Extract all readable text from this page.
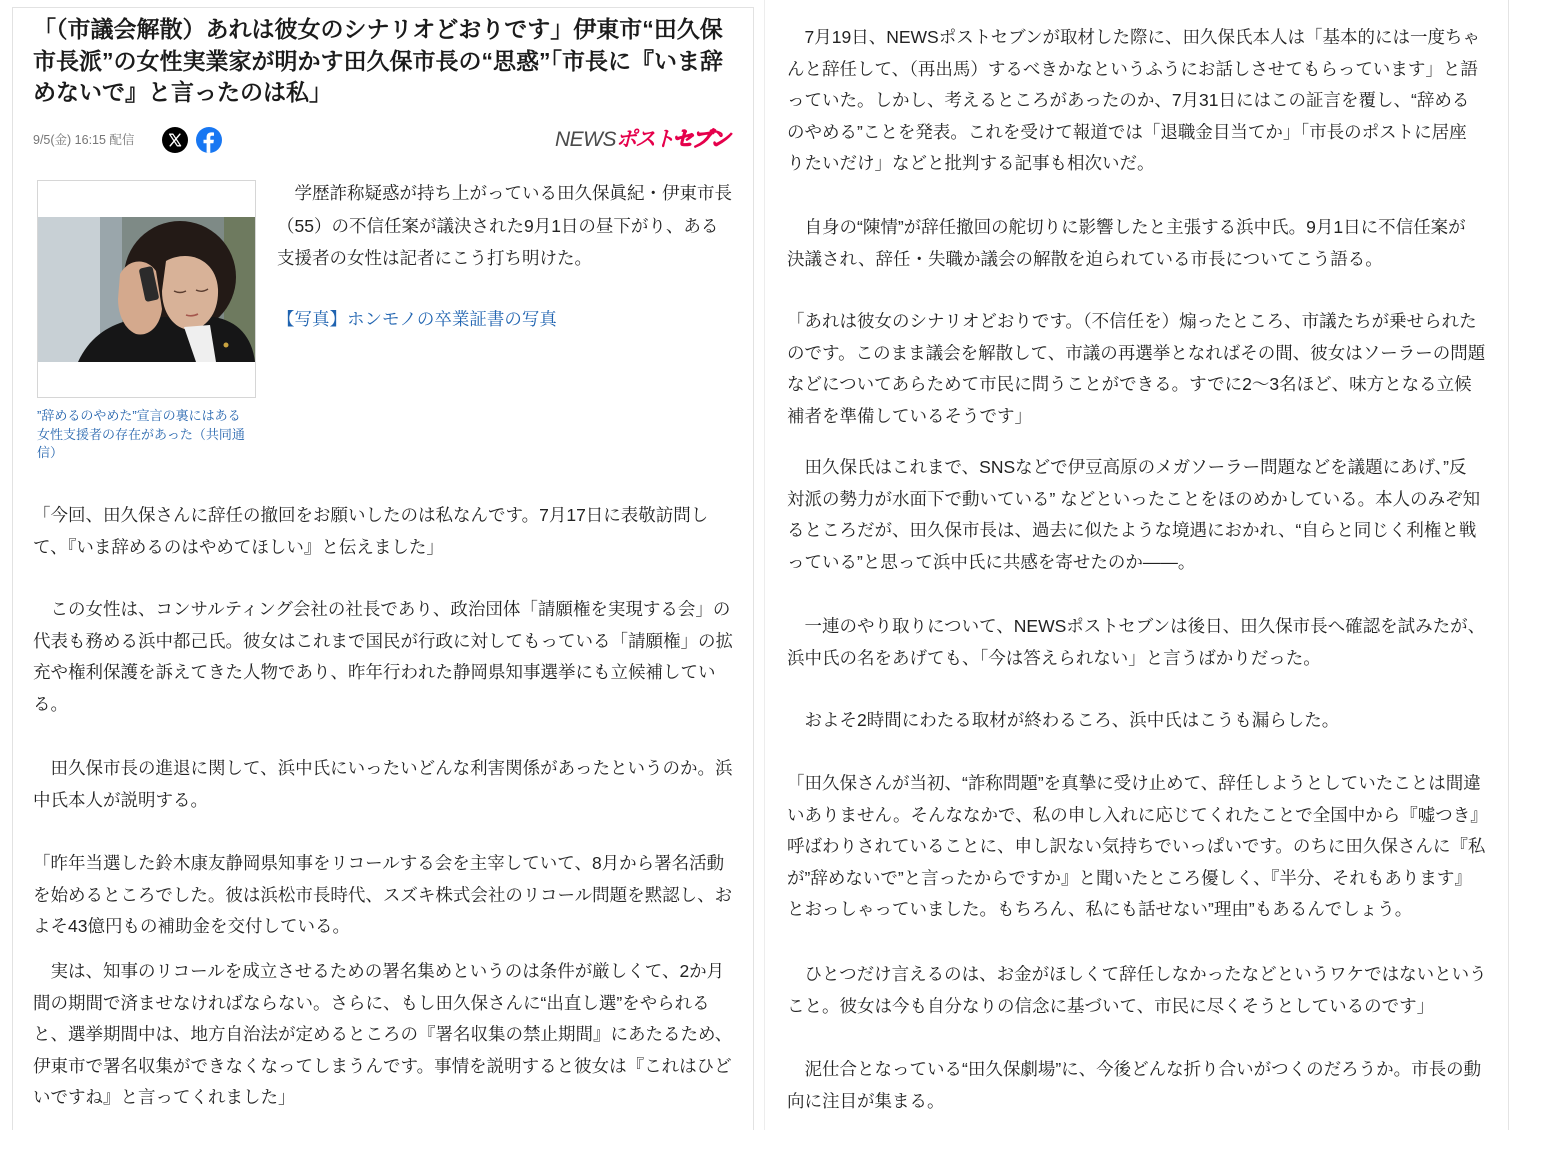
「（市議会解散）あれは彼女のシナリオどおりです」伊東市“田久保
市長派”の女性実業家が明かす田久保市長の“思惑”「市長に『いま辞
めないで』と言ったのは私」
9/5(金) 16:15 配信	NEWSポストセブン

”辞めるのやめた”宣言の裏にはある
女性支援者の存在があった（共同通
信）

　学歴詐称疑惑が持ち上がっている田久保眞紀・伊東市長
（55）の不信任案が議決された9月1日の昼下がり、ある
支援者の女性は記者にこう打ち明けた。

【写真】ホンモノの卒業証書の写真

「今回、田久保さんに辞任の撤回をお願いしたのは私なんです。7月17日に表敬訪問し
て、『いま辞めるのはやめてほしい』と伝えました」

　この女性は、コンサルティング会社の社長であり、政治団体「請願権を実現する会」の
代表も務める浜中都己氏。彼女はこれまで国民が行政に対してもっている「請願権」の拡
充や権利保護を訴えてきた人物であり、昨年行われた静岡県知事選挙にも立候補してい
る。

　田久保市長の進退に関して、浜中氏にいったいどんな利害関係があったというのか。浜
中氏本人が説明する。

「昨年当選した鈴木康友静岡県知事をリコールする会を主宰していて、8月から署名活動
を始めるところでした。彼は浜松市長時代、スズキ株式会社のリコール問題を黙認し、お
よそ43億円もの補助金を交付している。

　実は、知事のリコールを成立させるための署名集めというのは条件が厳しくて、2か月
間の期間で済ませなければならない。さらに、もし田久保さんに“出直し選”をやられる
と、選挙期間中は、地方自治法が定めるところの『署名収集の禁止期間』にあたるため、
伊東市で署名収集ができなくなってしまうんです。事情を説明すると彼女は『これはひど
いですね』と言ってくれました」

　7月19日、NEWSポストセブンが取材した際に、田久保氏本人は「基本的には一度ちゃ
んと辞任して、（再出馬）するべきかなというふうにお話しさせてもらっています」と語
っていた。しかし、考えるところがあったのか、7月31日にはこの証言を覆し、“辞める
のやめる”ことを発表。これを受けて報道では「退職金目当てか」「市長のポストに居座
りたいだけ」などと批判する記事も相次いだ。

　自身の“陳情”が辞任撤回の舵切りに影響したと主張する浜中氏。9月1日に不信任案が
決議され、辞任・失職か議会の解散を迫られている市長についてこう語る。

「あれは彼女のシナリオどおりです。（不信任を）煽ったところ、市議たちが乗せられた
のです。このまま議会を解散して、市議の再選挙となればその間、彼女はソーラーの問題
などについてあらためて市民に問うことができる。すでに2～3名ほど、味方となる立候
補者を準備しているそうです」

　田久保氏はこれまで、SNSなどで伊豆高原のメガソーラー問題などを議題にあげ、”反
対派の勢力が水面下で動いている” などといったことをほのめかしている。本人のみぞ知
るところだが、田久保市長は、過去に似たような境遇におかれ、“自らと同じく利権と戦
っている”と思って浜中氏に共感を寄せたのか――。

　一連のやり取りについて、NEWSポストセブンは後日、田久保市長へ確認を試みたが、
浜中氏の名をあげても、「今は答えられない」と言うばかりだった。

　およそ2時間にわたる取材が終わるころ、浜中氏はこうも漏らした。

「田久保さんが当初、“詐称問題”を真摯に受け止めて、辞任しようとしていたことは間違
いありません。そんななかで、私の申し入れに応じてくれたことで全国中から『嘘つき』
呼ばわりされていることに、申し訳ない気持ちでいっぱいです。のちに田久保さんに『私
が”辞めないで”と言ったからですか』と聞いたところ優しく、『半分、それもあります』
とおっしゃっていました。もちろん、私にも話せない”理由”もあるんでしょう。

　ひとつだけ言えるのは、お金がほしくて辞任しなかったなどというワケではないという
こと。彼女は今も自分なりの信念に基づいて、市民に尽くそうとしているのです」

　泥仕合となっている“田久保劇場”に、今後どんな折り合いがつくのだろうか。市長の動
向に注目が集まる。
